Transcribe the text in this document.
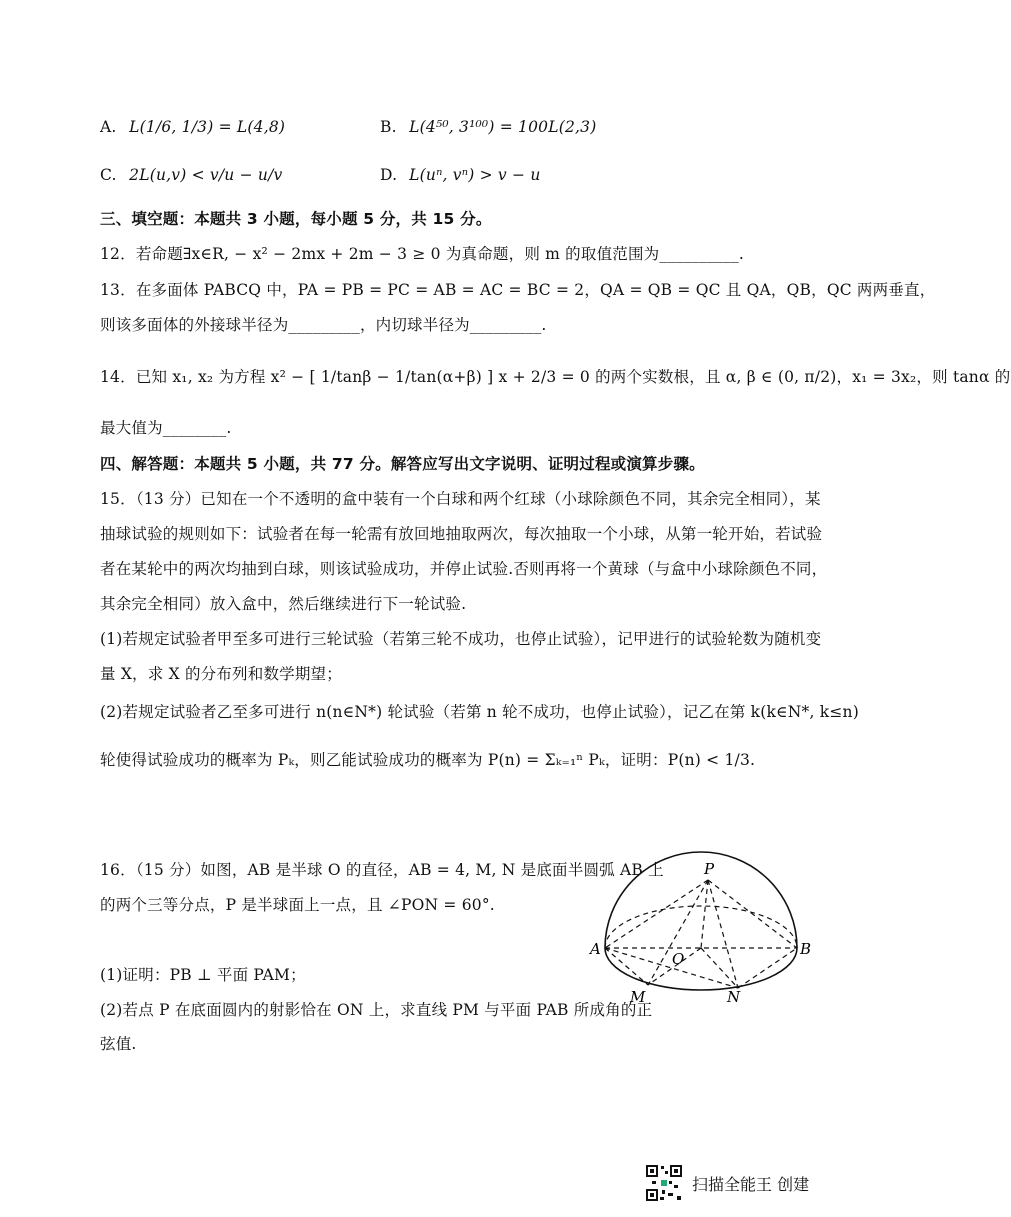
A. L(1/6, 1/3) = L(4,8)	B. L(4⁵⁰, 3¹⁰⁰) = 100L(2,3)
C. 2L(u,v) < v/u − u/v	D. L(uⁿ, vⁿ) > v − u
三、填空题：本题共 3 小题，每小题 5 分，共 15 分。
12．若命题∃x∈R, − x² − 2mx + 2m − 3 ≥ 0 为真命题，则 m 的取值范围为__________.
13．在多面体 PABCQ 中，PA = PB = PC = AB = AC = BC = 2，QA = QB = QC 且 QA，QB，QC 两两垂直，
则该多面体的外接球半径为_________，内切球半径为_________.
14．已知 x₁, x₂ 为方程 x² − [ 1/tanβ − 1/tan(α+β) ] x + 2/3 = 0 的两个实数根，且 α, β ∈ (0, π/2)，x₁ = 3x₂，则 tanα 的
最大值为________.
四、解答题：本题共 5 小题，共 77 分。解答应写出文字说明、证明过程或演算步骤。
15．（13 分）已知在一个不透明的盒中装有一个白球和两个红球（小球除颜色不同，其余完全相同），某
抽球试验的规则如下：试验者在每一轮需有放回地抽取两次，每次抽取一个小球，从第一轮开始，若试验
者在某轮中的两次均抽到白球，则该试验成功，并停止试验.否则再将一个黄球（与盒中小球除颜色不同，
其余完全相同）放入盒中，然后继续进行下一轮试验.
(1)若规定试验者甲至多可进行三轮试验（若第三轮不成功，也停止试验），记甲进行的试验轮数为随机变
量 X，求 X 的分布列和数学期望；
(2)若规定试验者乙至多可进行 n(n∈N*) 轮试验（若第 n 轮不成功，也停止试验），记乙在第 k(k∈N*, k≤n)
轮使得试验成功的概率为 Pₖ，则乙能试验成功的概率为 P(n) = Σₖ₌₁ⁿ Pₖ，证明：P(n) < 1/3.
16．（15 分）如图，AB 是半球 O 的直径，AB = 4, M, N 是底面半圆弧 AB 上
的两个三等分点，P 是半球面上一点，且 ∠PON = 60°.
(1)证明：PB ⊥ 平面 PAM；
(2)若点 P 在底面圆内的射影恰在 ON 上，求直线 PM 与平面 PAB 所成角的正
弦值.
P
A	B
O
M	N
扫描全能王 创建
